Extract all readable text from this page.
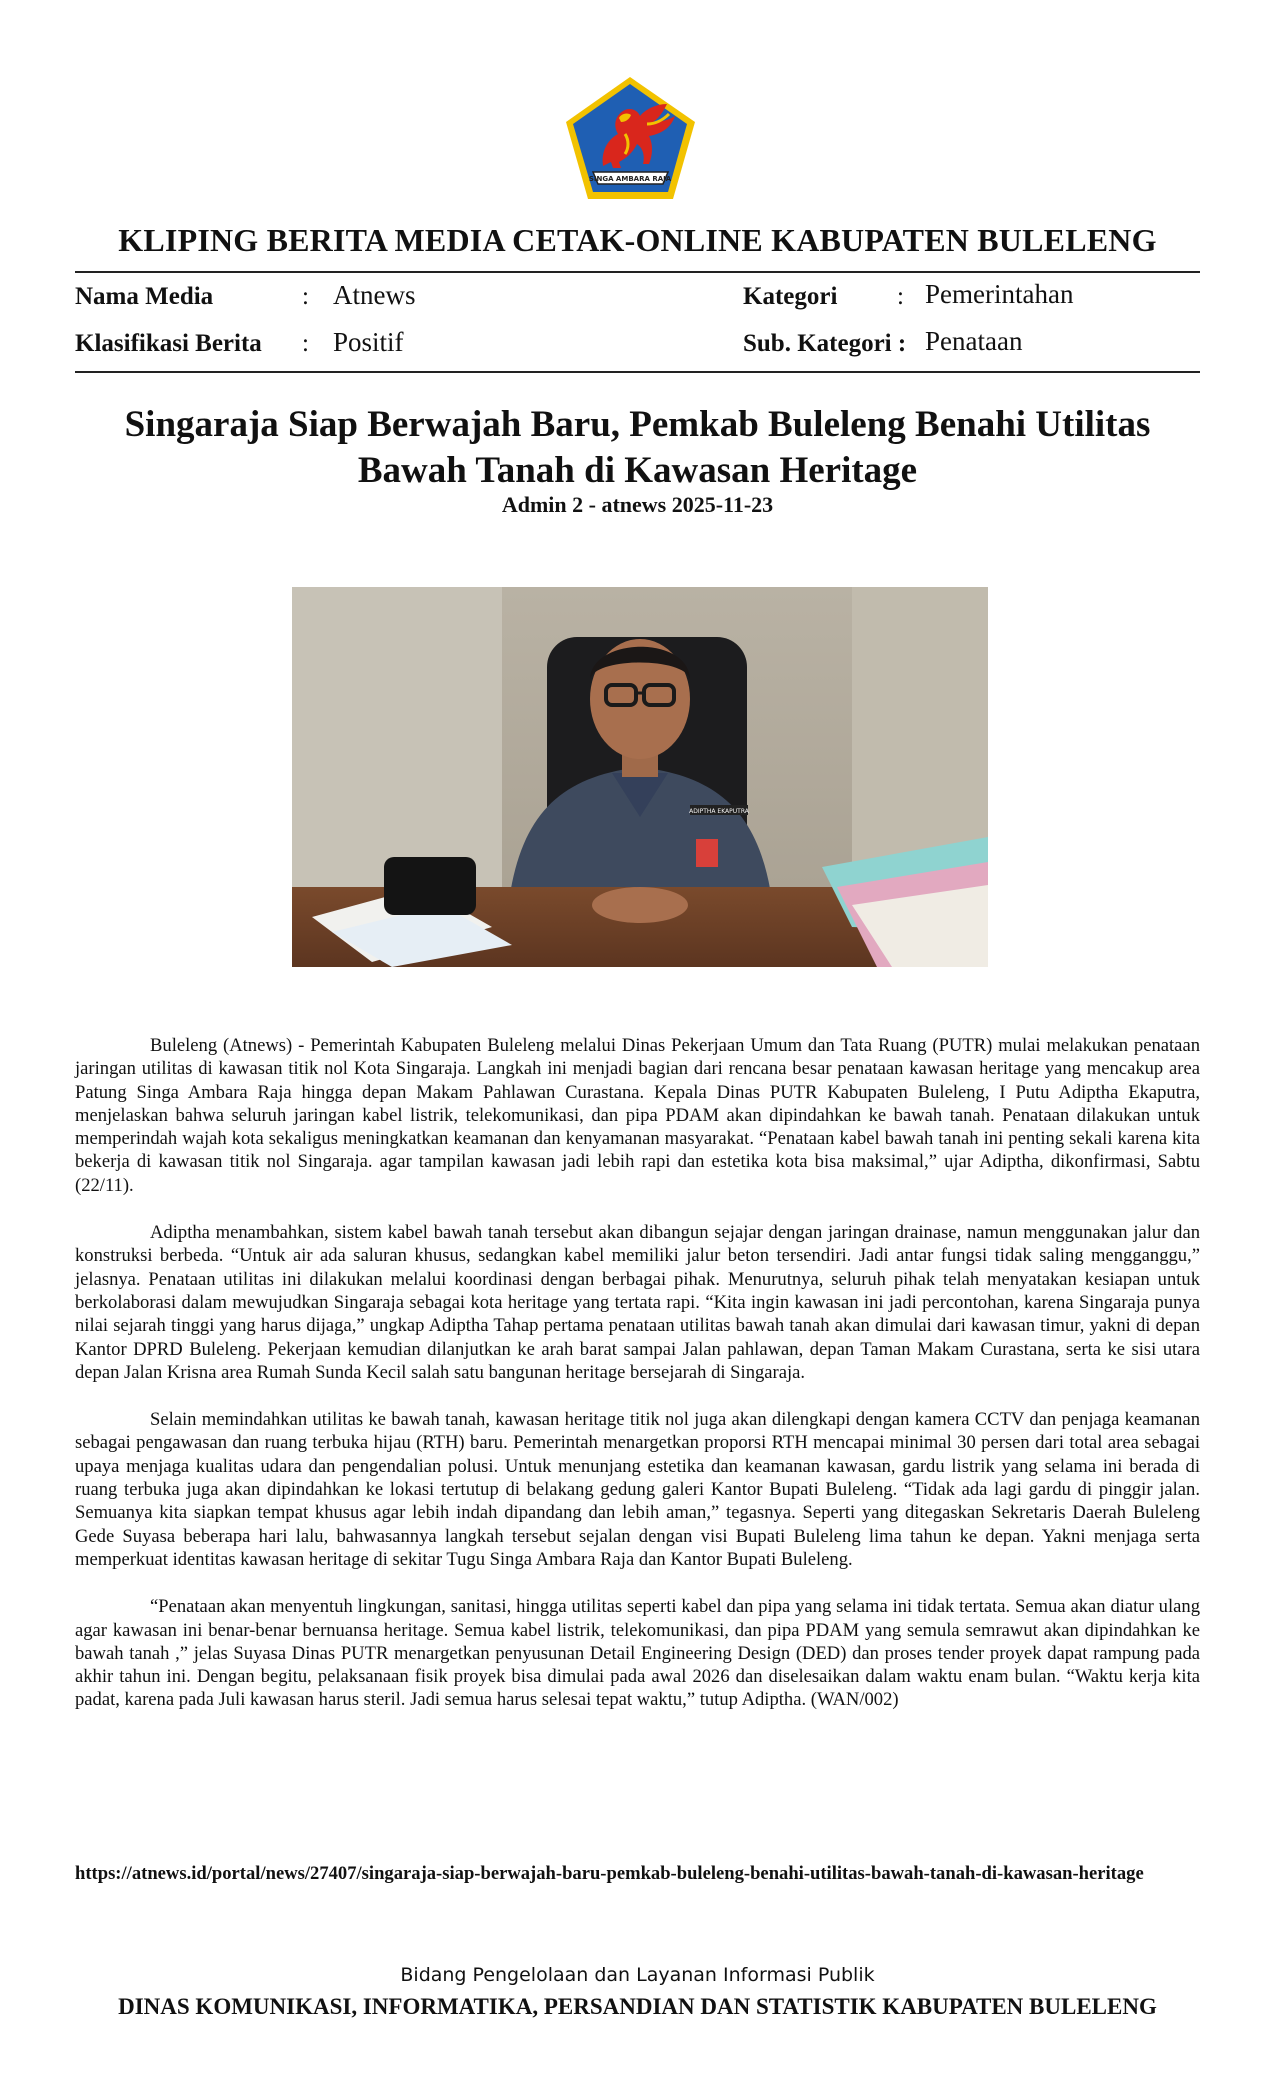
SINGA AMBARA RAJA
KLIPING BERITA MEDIA CETAK-ONLINE KABUPATEN BULELENG
Nama Media	: Atnews
Klasifikasi Berita : Positif
Kategori : Pemerintahan
Sub. Kategori : Penataan
Singaraja Siap Berwajah Baru, Pemkab Buleleng Benahi Utilitas Bawah Tanah di Kawasan Heritage
Admin 2 - atnews 2025-11-23
ADIPTHA EKAPUTRA

Buleleng (Atnews) - Pemerintah Kabupaten Buleleng melalui Dinas Pekerjaan Umum dan Tata Ruang (PUTR) mulai melakukan penataan jaringan utilitas di kawasan titik nol Kota Singaraja. Langkah ini menjadi bagian dari rencana besar penataan kawasan heritage yang mencakup area Patung Singa Ambara Raja hingga depan Makam Pahlawan Curastana. Kepala Dinas PUTR Kabupaten Buleleng, I Putu Adiptha Ekaputra, menjelaskan bahwa seluruh jaringan kabel listrik, telekomunikasi, dan pipa PDAM akan dipindahkan ke bawah tanah. Penataan dilakukan untuk memperindah wajah kota sekaligus meningkatkan keamanan dan kenyamanan masyarakat. “Penataan kabel bawah tanah ini penting sekali karena kita bekerja di kawasan titik nol Singaraja. agar tampilan kawasan jadi lebih rapi dan estetika kota bisa maksimal,” ujar Adiptha, dikonfirmasi, Sabtu (22/11).

Adiptha menambahkan, sistem kabel bawah tanah tersebut akan dibangun sejajar dengan jaringan drainase, namun menggunakan jalur dan konstruksi berbeda. “Untuk air ada saluran khusus, sedangkan kabel memiliki jalur beton tersendiri. Jadi antar fungsi tidak saling mengganggu,” jelasnya. Penataan utilitas ini dilakukan melalui koordinasi dengan berbagai pihak. Menurutnya, seluruh pihak telah menyatakan kesiapan untuk berkolaborasi dalam mewujudkan Singaraja sebagai kota heritage yang tertata rapi. “Kita ingin kawasan ini jadi percontohan, karena Singaraja punya nilai sejarah tinggi yang harus dijaga,” ungkap Adiptha Tahap pertama penataan utilitas bawah tanah akan dimulai dari kawasan timur, yakni di depan Kantor DPRD Buleleng. Pekerjaan kemudian dilanjutkan ke arah barat sampai Jalan pahlawan, depan Taman Makam Curastana, serta ke sisi utara depan Jalan Krisna area Rumah Sunda Kecil salah satu bangunan heritage bersejarah di Singaraja.

Selain memindahkan utilitas ke bawah tanah, kawasan heritage titik nol juga akan dilengkapi dengan kamera CCTV dan penjaga keamanan sebagai pengawasan dan ruang terbuka hijau (RTH) baru. Pemerintah menargetkan proporsi RTH mencapai minimal 30 persen dari total area sebagai upaya menjaga kualitas udara dan pengendalian polusi. Untuk menunjang estetika dan keamanan kawasan, gardu listrik yang selama ini berada di ruang terbuka juga akan dipindahkan ke lokasi tertutup di belakang gedung galeri Kantor Bupati Buleleng. “Tidak ada lagi gardu di pinggir jalan. Semuanya kita siapkan tempat khusus agar lebih indah dipandang dan lebih aman,” tegasnya. Seperti yang ditegaskan Sekretaris Daerah Buleleng Gede Suyasa beberapa hari lalu, bahwasannya langkah tersebut sejalan dengan visi Bupati Buleleng lima tahun ke depan. Yakni menjaga serta memperkuat identitas kawasan heritage di sekitar Tugu Singa Ambara Raja dan Kantor Bupati Buleleng.

“Penataan akan menyentuh lingkungan, sanitasi, hingga utilitas seperti kabel dan pipa yang selama ini tidak tertata. Semua akan diatur ulang agar kawasan ini benar-benar bernuansa heritage. Semua kabel listrik, telekomunikasi, dan pipa PDAM yang semula semrawut akan dipindahkan ke bawah tanah ,” jelas Suyasa Dinas PUTR menargetkan penyusunan Detail Engineering Design (DED) dan proses tender proyek dapat rampung pada akhir tahun ini. Dengan begitu, pelaksanaan fisik proyek bisa dimulai pada awal 2026 dan diselesaikan dalam waktu enam bulan. “Waktu kerja kita padat, karena pada Juli kawasan harus steril. Jadi semua harus selesai tepat waktu,” tutup Adiptha. (WAN/002)

https://atnews.id/portal/news/27407/singaraja-siap-berwajah-baru-pemkab-buleleng-benahi-utilitas-bawah-tanah-di-kawasan-heritage
Bidang Pengelolaan dan Layanan Informasi Publik
DINAS KOMUNIKASI, INFORMATIKA, PERSANDIAN DAN STATISTIK KABUPATEN BULELENG
